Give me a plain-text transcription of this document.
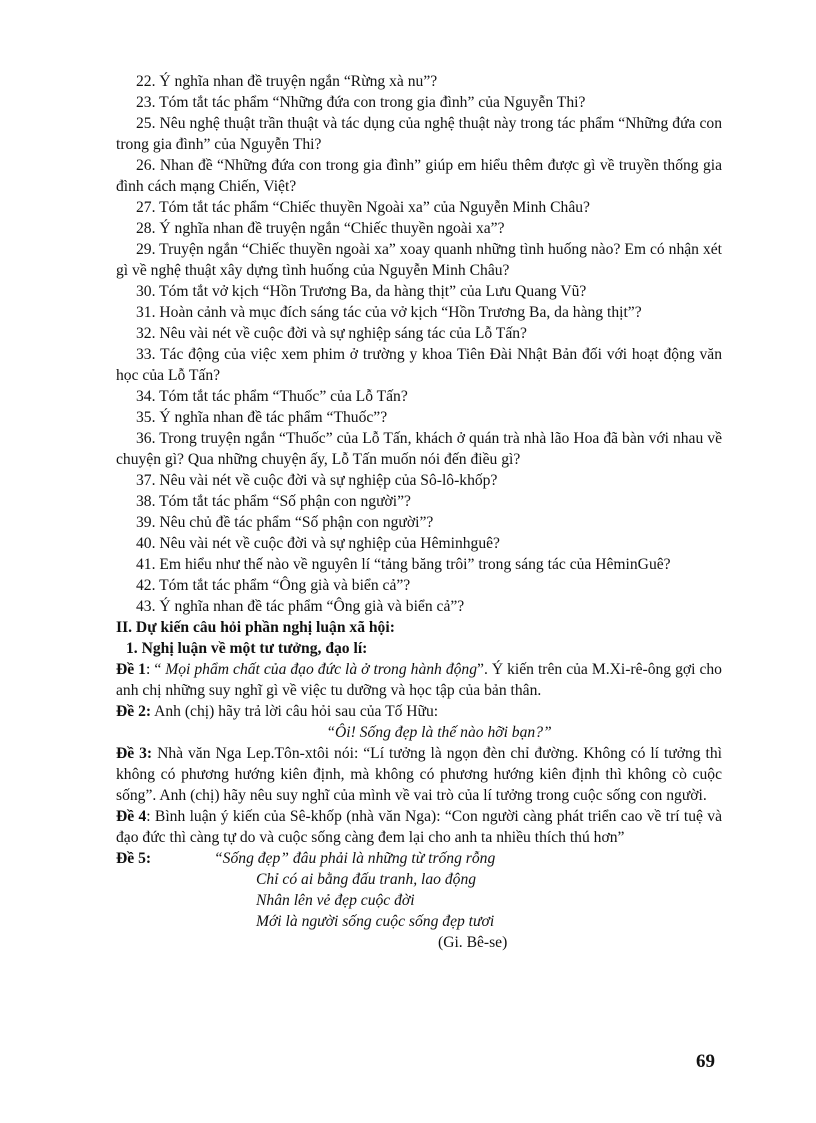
22. Ý nghĩa nhan đề truyện ngắn “Rừng xà nu”?

23. Tóm tắt tác phẩm “Những đứa con trong gia đình” của Nguyễn Thi?

25. Nêu nghệ thuật trần thuật và tác dụng của nghệ thuật này trong tác phẩm “Những đứa con trong gia đình” của Nguyễn Thi?

26. Nhan đề “Những đứa con trong gia đình” giúp em hiểu thêm được gì về truyền thống gia đình cách mạng Chiến, Việt?

27. Tóm tắt tác phẩm “Chiếc thuyền Ngoài xa” của Nguyễn Minh Châu?

28. Ý nghĩa nhan đề truyện ngắn “Chiếc thuyền ngoài xa”?

29. Truyện ngắn “Chiếc thuyền ngoài xa” xoay quanh những tình huống nào? Em có nhận xét gì về nghệ thuật xây dựng tình huống của Nguyễn Minh Châu?

30. Tóm tắt vở kịch “Hồn Trương Ba, da hàng thịt” của Lưu Quang Vũ?

31. Hoàn cảnh và mục đích sáng tác của vở kịch “Hồn Trương Ba, da hàng thịt”?

32. Nêu vài nét về cuộc đời và sự nghiệp sáng tác của Lỗ Tấn?

33. Tác động của việc xem phim ở trường y khoa Tiên Đài Nhật Bản đối với hoạt động văn học của Lỗ Tấn?

34. Tóm tắt tác phẩm “Thuốc” của Lỗ Tấn?

35. Ý nghĩa nhan đề tác phẩm “Thuốc”?

36. Trong truyện ngắn “Thuốc” của Lỗ Tấn, khách ở quán trà nhà lão Hoa đã bàn với nhau về chuyện gì? Qua những chuyện ấy, Lỗ Tấn muốn nói đến điều gì?

37. Nêu vài nét về cuộc đời và sự nghiệp của Sô-lô-khốp?

38. Tóm tắt tác phẩm “Số phận con người”?

39. Nêu chủ đề tác phẩm “Số phận con người”?

40. Nêu vài nét về cuộc đời và sự nghiệp của Hêminhguê?

41. Em hiểu như thế nào về nguyên lí “tảng băng trôi” trong sáng tác của HêminGuê?

42. Tóm tắt tác phẩm “Ông già và biển cả”?

43. Ý nghĩa nhan đề tác phẩm “Ông già và biển cả”?

II. Dự kiến câu hỏi phần nghị luận xã hội:

1. Nghị luận về một tư tưởng, đạo lí:

Đề 1: “ Mọi phẩm chất của đạo đức là ở trong hành động”. Ý kiến trên của M.Xi-rê-ông gợi cho anh chị những suy nghĩ gì về việc tu dưỡng và học tập của bản thân.

Đề 2: Anh (chị) hãy trả lời câu hỏi sau của Tố Hữu:

“Ôi! Sống đẹp là thế nào hỡi bạn?”

Đề 3: Nhà văn Nga Lep.Tôn-xtôi nói: “Lí tưởng là ngọn đèn chỉ đường. Không có lí tưởng thì không có phương hướng kiên định, mà không có phương hướng kiên định thì không cò cuộc sống”. Anh (chị) hãy nêu suy nghĩ của mình về vai trò của lí tưởng trong cuộc sống con người.

Đề 4: Bình luận ý kiến của Sê-khốp (nhà văn Nga): “Con người càng phát triển cao về trí tuệ và đạo đức thì càng tự do và cuộc sống càng đem lại cho anh ta nhiều thích thú hơn”

Đề 5:	“Sống đẹp” đâu phải là những từ trống rỗng
Chỉ có ai bằng đấu tranh, lao động
Nhân lên vẻ đẹp cuộc đời
Mới là người sống cuộc sống đẹp tươi
(Gi. Bê-se)
69
